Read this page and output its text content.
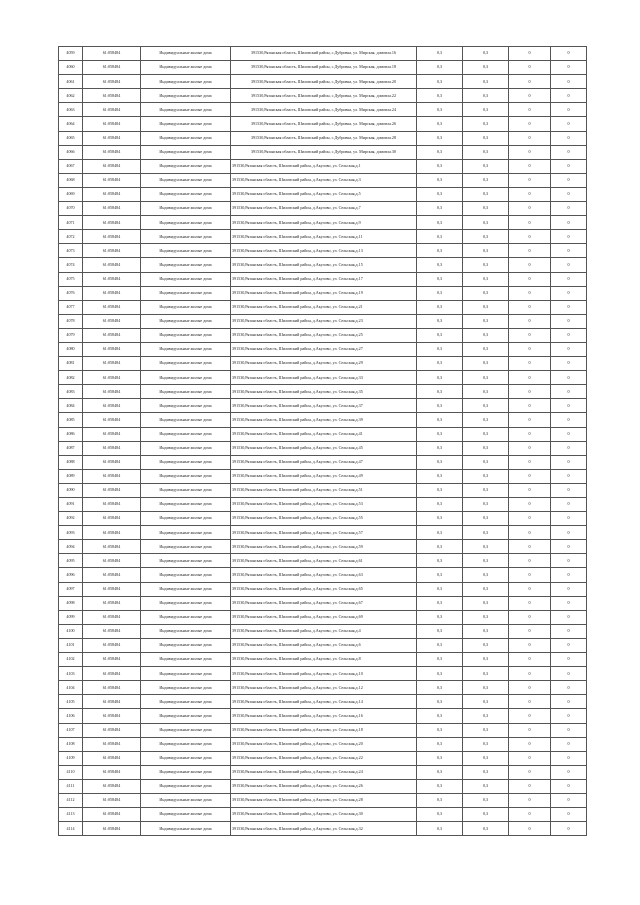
4059	61:058484	Индивидуальные жилые дома	391530,Рязанская область, Шиловский район, с.Дубровка, ул. Мирская, домовла.16	0,3	0,3	0	0
4060	61:058484	Индивидуальные жилые дома	391530,Рязанская область, Шиловский район, с.Дубровка, ул. Мирская, домовла.18	0,3	0,3	0	0
4061	61:058484	Индивидуальные жилые дома	391530,Рязанская область, Шиловский район, с.Дубровка, ул. Мирская, домовла.20	0,3	0,3	0	0
4062	61:058484	Индивидуальные жилые дома	391530,Рязанская область, Шиловский район, с.Дубровка, ул. Мирская, домовла.22	0,3	0,3	0	0
4063	61:058484	Индивидуальные жилые дома	391530,Рязанская область, Шиловский район, с.Дубровка, ул. Мирская, домовла.24	0,3	0,3	0	0
4064	61:058484	Индивидуальные жилые дома	391530,Рязанская область, Шиловский район, с.Дубровка, ул. Мирская, домовла.26	0,3	0,3	0	0
4065	61:058484	Индивидуальные жилые дома	391530,Рязанская область, Шиловский район, с.Дубровка, ул. Мирская, домовла.28	0,3	0,3	0	0
4066	61:058484	Индивидуальные жилые дома	391530,Рязанская область, Шиловский район, с.Дубровка, ул. Мирская, домовла.30	0,3	0,3	0	0
4067	61:058484	Индивидуальные жилые дома	391530,Рязанская область, Шиловский район, д.Акулово, ул. Сельская,д.1	0,3	0,3	0	0
4068	61:058484	Индивидуальные жилые дома	391530,Рязанская область, Шиловский район, д.Акулово, ул. Сельская,д.3	0,3	0,3	0	0
4069	61:058484	Индивидуальные жилые дома	391530,Рязанская область, Шиловский район, д.Акулово, ул. Сельская,д.5	0,3	0,3	0	0
4070	61:058484	Индивидуальные жилые дома	391530,Рязанская область, Шиловский район, д.Акулово, ул. Сельская,д.7	0,3	0,3	0	0
4071	61:058484	Индивидуальные жилые дома	391530,Рязанская область, Шиловский район, д.Акулово, ул. Сельская,д.9	0,3	0,3	0	0
4072	61:058484	Индивидуальные жилые дома	391530,Рязанская область, Шиловский район, д.Акулово, ул. Сельская,д.11	0,3	0,3	0	0
4073	61:058484	Индивидуальные жилые дома	391530,Рязанская область, Шиловский район, д.Акулово, ул. Сельская,д.13	0,3	0,3	0	0
4074	61:058484	Индивидуальные жилые дома	391530,Рязанская область, Шиловский район, д.Акулово, ул. Сельская,д.15	0,3	0,3	0	0
4075	61:058484	Индивидуальные жилые дома	391530,Рязанская область, Шиловский район, д.Акулово, ул. Сельская,д.17	0,3	0,3	0	0
4076	61:058484	Индивидуальные жилые дома	391530,Рязанская область, Шиловский район, д.Акулово, ул. Сельская,д.19	0,3	0,3	0	0
4077	61:058484	Индивидуальные жилые дома	391530,Рязанская область, Шиловский район, д.Акулово, ул. Сельская,д.21	0,3	0,3	0	0
4078	61:058484	Индивидуальные жилые дома	391530,Рязанская область, Шиловский район, д.Акулово, ул. Сельская,д.23	0,3	0,3	0	0
4079	61:058484	Индивидуальные жилые дома	391530,Рязанская область, Шиловский район, д.Акулово, ул. Сельская,д.25	0,3	0,3	0	0
4080	61:058484	Индивидуальные жилые дома	391530,Рязанская область, Шиловский район, д.Акулово, ул. Сельская,д.27	0,3	0,3	0	0
4081	61:058484	Индивидуальные жилые дома	391530,Рязанская область, Шиловский район, д.Акулово, ул. Сельская,д.29	0,3	0,3	0	0
4082	61:058484	Индивидуальные жилые дома	391530,Рязанская область, Шиловский район, д.Акулово, ул. Сельская,д.33	0,3	0,3	0	0
4083	61:058484	Индивидуальные жилые дома	391530,Рязанская область, Шиловский район, д.Акулово, ул. Сельская,д.35	0,3	0,3	0	0
4084	61:058484	Индивидуальные жилые дома	391530,Рязанская область, Шиловский район, д.Акулово, ул. Сельская,д.37	0,3	0,3	0	0
4085	61:058484	Индивидуальные жилые дома	391530,Рязанская область, Шиловский район, д.Акулово, ул. Сельская,д.39	0,3	0,3	0	0
4086	61:058484	Индивидуальные жилые дома	391530,Рязанская область, Шиловский район, д.Акулово, ул. Сельская,д.41	0,3	0,3	0	0
4087	61:058484	Индивидуальные жилые дома	391530,Рязанская область, Шиловский район, д.Акулово, ул. Сельская,д.45	0,3	0,3	0	0
4088	61:058484	Индивидуальные жилые дома	391530,Рязанская область, Шиловский район, д.Акулово, ул. Сельская,д.47	0,3	0,3	0	0
4089	61:058484	Индивидуальные жилые дома	391530,Рязанская область, Шиловский район, д.Акулово, ул. Сельская,д.49	0,3	0,3	0	0
4090	61:058484	Индивидуальные жилые дома	391530,Рязанская область, Шиловский район, д.Акулово, ул. Сельская,д.51	0,3	0,3	0	0
4091	61:058484	Индивидуальные жилые дома	391530,Рязанская область, Шиловский район, д.Акулово, ул. Сельская,д.53	0,3	0,3	0	0
4092	61:058484	Индивидуальные жилые дома	391530,Рязанская область, Шиловский район, д.Акулово, ул. Сельская,д.55	0,3	0,3	0	0
4093	61:058484	Индивидуальные жилые дома	391530,Рязанская область, Шиловский район, д.Акулово, ул. Сельская,д.57	0,3	0,3	0	0
4094	61:058484	Индивидуальные жилые дома	391530,Рязанская область, Шиловский район, д.Акулово, ул. Сельская,д.59	0,3	0,3	0	0
4095	61:058484	Индивидуальные жилые дома	391530,Рязанская область, Шиловский район, д.Акулово, ул. Сельская,д.61	0,3	0,3	0	0
4096	61:058484	Индивидуальные жилые дома	391530,Рязанская область, Шиловский район, д.Акулово, ул. Сельская,д.63	0,3	0,3	0	0
4097	61:058484	Индивидуальные жилые дома	391530,Рязанская область, Шиловский район, д.Акулово, ул. Сельская,д.65	0,3	0,3	0	0
4098	61:058484	Индивидуальные жилые дома	391530,Рязанская область, Шиловский район, д.Акулово, ул. Сельская,д.67	0,3	0,3	0	0
4099	61:058484	Индивидуальные жилые дома	391530,Рязанская область, Шиловский район, д.Акулово, ул. Сельская,д.69	0,3	0,3	0	0
4100	61:058484	Индивидуальные жилые дома	391530,Рязанская область, Шиловский район, д.Акулово, ул. Сельская,д.4	0,3	0,3	0	0
4101	61:058484	Индивидуальные жилые дома	391530,Рязанская область, Шиловский район, д.Акулово, ул. Сельская,д.6	0,3	0,3	0	0
4102	61:058484	Индивидуальные жилые дома	391530,Рязанская область, Шиловский район, д.Акулово, ул. Сельская,д.8	0,3	0,3	0	0
4103	61:058484	Индивидуальные жилые дома	391530,Рязанская область, Шиловский район, д.Акулово, ул. Сельская,д.10	0,3	0,3	0	0
4104	61:058484	Индивидуальные жилые дома	391530,Рязанская область, Шиловский район, д.Акулово, ул. Сельская,д.12	0,3	0,3	0	0
4105	61:058484	Индивидуальные жилые дома	391530,Рязанская область, Шиловский район, д.Акулово, ул. Сельская,д.14	0,3	0,3	0	0
4106	61:058484	Индивидуальные жилые дома	391530,Рязанская область, Шиловский район, д.Акулово, ул. Сельская,д.16	0,3	0,3	0	0
4107	61:058484	Индивидуальные жилые дома	391530,Рязанская область, Шиловский район, д.Акулово, ул. Сельская,д.18	0,3	0,3	0	0
4108	61:058484	Индивидуальные жилые дома	391530,Рязанская область, Шиловский район, д.Акулово, ул. Сельская,д.20	0,3	0,3	0	0
4109	61:058484	Индивидуальные жилые дома	391530,Рязанская область, Шиловский район, д.Акулово, ул. Сельская,д.22	0,3	0,3	0	0
4110	61:058484	Индивидуальные жилые дома	391530,Рязанская область, Шиловский район, д.Акулово, ул. Сельская,д.24	0,3	0,3	0	0
4111	61:058484	Индивидуальные жилые дома	391530,Рязанская область, Шиловский район, д.Акулово, ул. Сельская,д.26	0,3	0,3	0	0
4112	61:058484	Индивидуальные жилые дома	391530,Рязанская область, Шиловский район, д.Акулово, ул. Сельская,д.28	0,3	0,3	0	0
4113	61:058484	Индивидуальные жилые дома	391530,Рязанская область, Шиловский район, д.Акулово, ул. Сельская,д.30	0,3	0,3	0	0
4114	61:058484	Индивидуальные жилые дома	391530,Рязанская область, Шиловский район, д.Акулово, ул. Сельская,д.32	0,3	0,3	0	0
